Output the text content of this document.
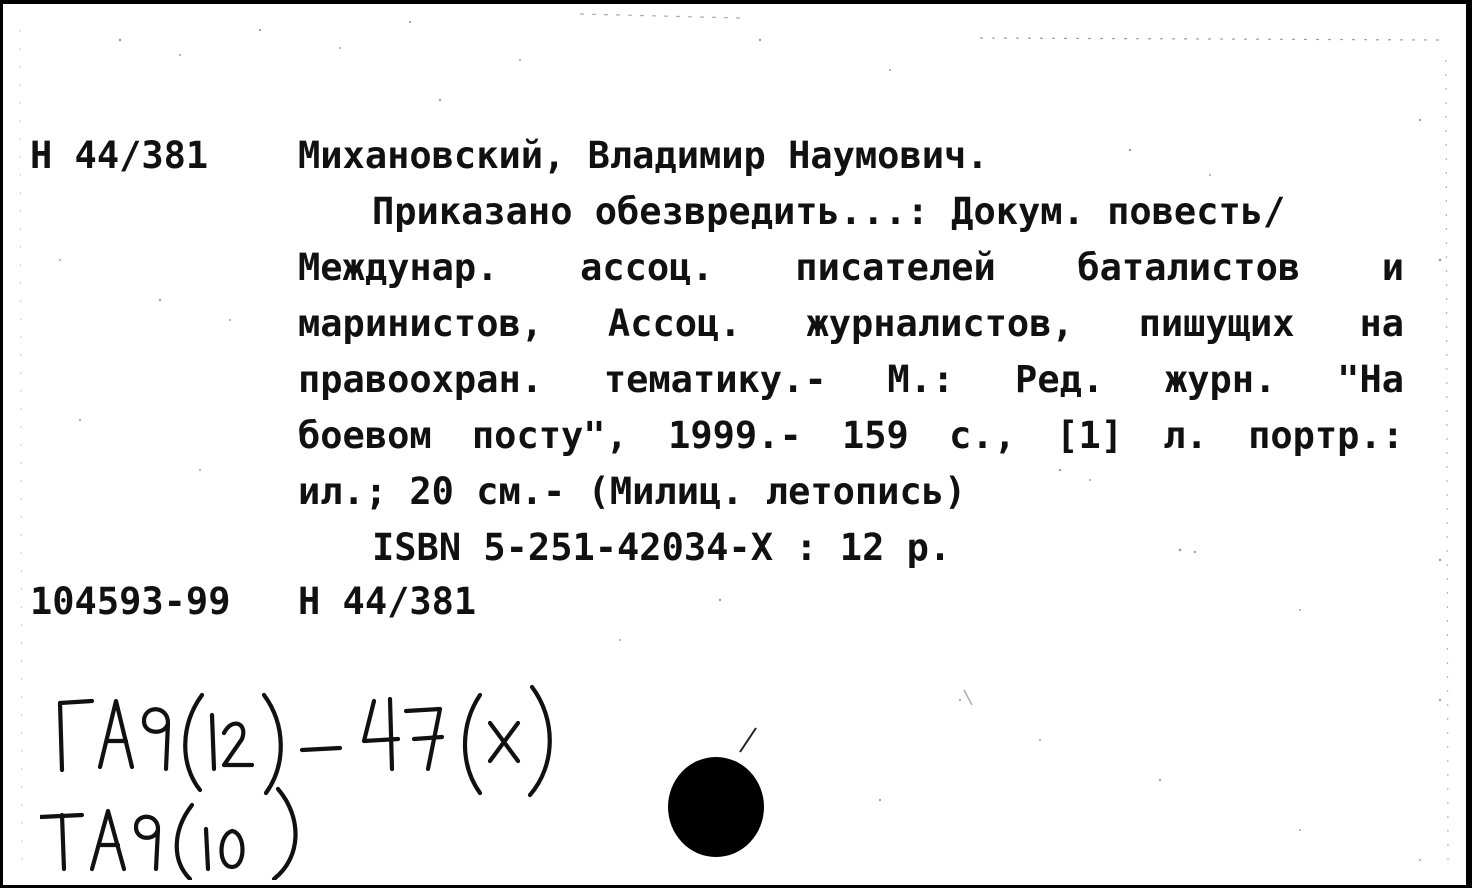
Н 44/381 Михановский, Владимир Наумович.
Приказано обезвредить...: Докум. повесть/
Междунар. ассоц. писателей баталистов и
маринистов, Ассоц. журналистов, пишущих на
правоохран. тематику.- М.: Ред. журн. "На
боевом посту", 1999.- 159 с., [1] л. портр.:
ил.; 20 см.- (Милиц. летопись)
ISBN 5-251-42034-X : 12 р.
104593-99 Н 44/381
